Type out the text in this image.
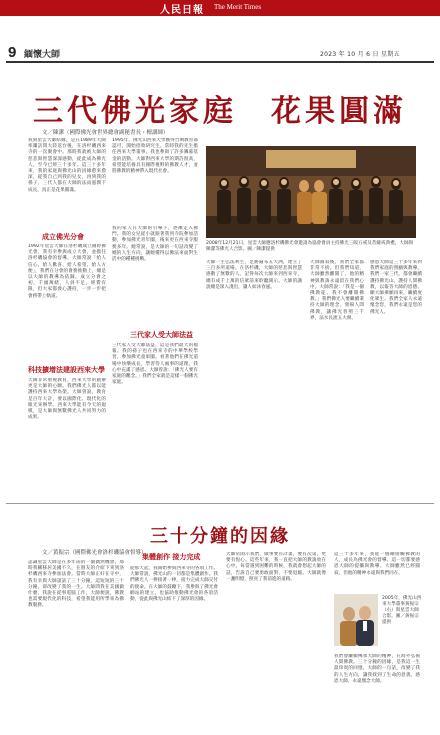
人民日報 The Merit Times
9 緬懷大師	2023 年 10 月 6 日 星期五
三代佛光家庭　花果圓滿
文／陳潔（國際佛光會世界總會副秘書長・檀講師）
我與星雲大師結緣，是在1989年大師率團訪問大陸返台後，在洛杉磯西來寺的一次聚會中。那時我就被大師的慈悲與智慧深深感動，從此成為佛光人，至今已經三十多年。這三十多年來，我的家庭與佛光山的因緣愈來愈深，從我自己到我的兒女，再到我的孫子，三代人都在大師的法雨滋潤下成長，真正是花果圓滿。
成立佛光分會
1992年星雲大師在洛杉磯成立國際佛光會，我有幸參與成立大會，並擔任洛杉磯協會的督導。大師常說「給人信心、給人歡喜、給人希望、給人方便」，我們在分會的會務推動上，總是以大師的教導為依歸。成立分會之初，千頭萬緒，人員不足，經費有限，但大家都發心護持，一步一步把會務帶上軌道。
科技擴增法建設西來大學
大師非常重視教育，西來大學的創辦更是大師的心願。我們佛光人都以能護持西來大學為榮。大師曾說，教育是百年大計，要以國際化、現代化的眼光來辦學。西來大學能有今天的規模，是大師與無數佛光人共同努力的成果。
1995年，佛光山西來大學獲得台灣教育部認可，開始招收研究生。當時我的先生擔任西來大學董事，我也參與了許多籌募基金的活動。大師對西來大學的期許很高，希望能培養具有國際視野的佛教人才，並將佛教的精神帶入現代社會。
我的家人在大師的引導下，逐漸走入佛門。我的女兒從小就跟著我到寺院參加活動，參加佛光青年團，後來更在西來寺服務多年。她常說，是大師的一句話改變了她的人生方向，讓她懂得以佛法來面對生活中的種種挑戰。
三代家人受大師法益
三代家人受大師法益，這是我們最大的福報。我的孫子也在西來寺的中華學校學習，參加佛光童軍團。看著他們在佛光道場中快樂成長，學習待人處事的道理，我心中充滿了感恩。大師曾說：「佛光人要有家庭的觀念。」我們全家就是這樣一個佛光家庭。
2008年12月21日，星雲大師應洛杉磯佛光會邀請為協會會員主持佛光三皈五戒及菩薩戒典禮，大師與陳潔等佛光人合影。圖／陳潔提供
大師一生弘法利生，足跡遍布五大洲，建立了三百多所道場。在洛杉磯，大師的慈悲與智慧感動了無數的人。記得每次大師來到西來寺，總有成千上萬的信眾前來聆聽開示。大師的講說總是深入淺出，讓人如沐春風。
大師圓寂後，我們全家都非常不捨。但我們知道，大師雖然離開了，他的精神與教誨永遠留在我們心中。大師常說：「我是一個佛教徒，我不會離開佛教。」我們佛光人要繼續秉持大師的理念，發揚人間佛教，讓佛光普照三千界，法水長流五大洲。
感恩大師這三十多年來對我們家庭的照顧與教導。我們一家三代，都會繼續護持佛光山，護持人間佛教，以報答大師的恩德。願大師乘願再來，繼續度化眾生。我們全家人永遠懷念您，我們永遠是您的佛光人。
三十分鐘的因緣
文／黃振宗（國際佛光會洛杉磯協會督導）
認識星雲大師是在多年前的一個偶然機會。那時我剛移居美國不久，在朋友的介紹下來到洛杉磯西來寺參加法會。當時大師正好在寺中，我有幸與大師談話了三十分鐘。這短短的三十分鐘，卻改變了我的一生。大師問我在美國做什麼，我說在從事電腦工作，大師便說，佛教也需要現代化的科技，希望我能用所學來為佛教服務。
集體創作 接力完成
從那天起，我開始參與西來寺的各項工作。大師常說，佛光山的一切都是集體創作。我們佛光人一棒接著一棒，接力完成大師交付的使命。在大師的鼓勵下，我參與了佛光會網站的建立，也協助推動佛光會的各項活動，從此與佛光山結下了深厚的因緣。
大師常開示我們，做事要有計畫，要有次第，更要有恆心。這些年來，我一直把大師的教誨放在心中。每當遇到困難的時候，我就會想起大師的話，告訴自己要勇敢面對，不要退縮。大師就像一盞明燈，照亮了我前進的道路。
這三十多年來，我從一個剛接觸佛教的人，成長為佛光會的督導。這一切都要感恩大師的提攜與教導。大師雖然已經圓寂，但他的精神永遠與我們同在。
2005年，佛光山西來大學董事黃振宗（右）與星雲大師合影。圖／黃振宗提供
我們會繼續傳承大師的精神，在海外弘揚人間佛教。三十分鐘的因緣，是我這一生最珍貴的回憶。大師的一句話，改變了我的人生方向，讓我找到了生命的意義。感恩大師，永遠懷念大師。
